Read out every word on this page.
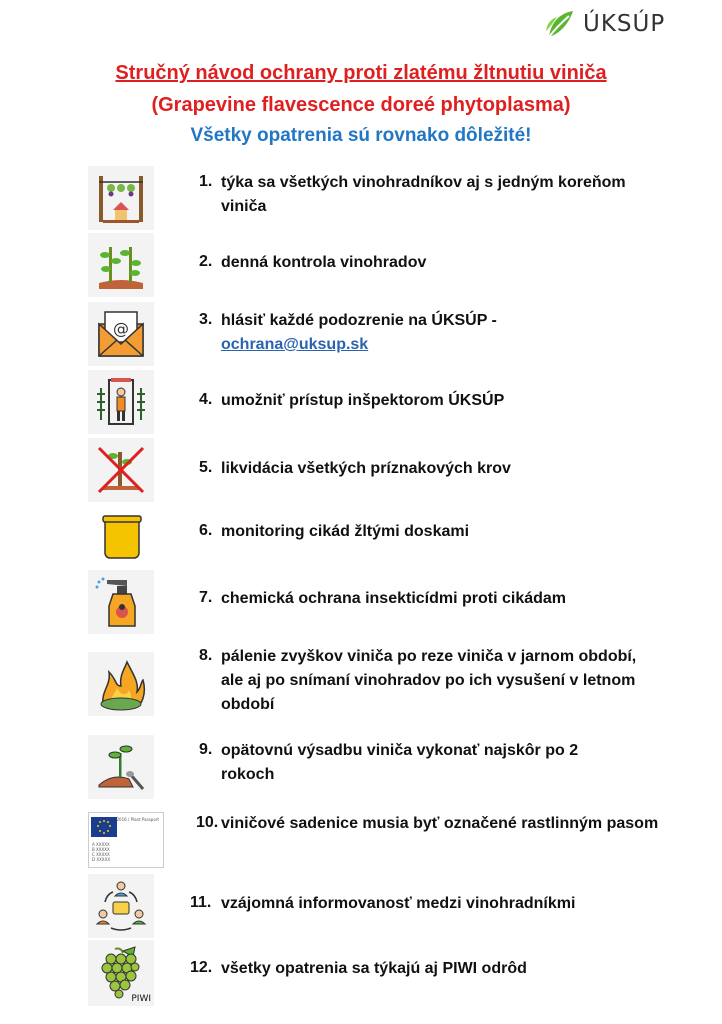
ÚKSÚP
Stručný návod ochrany proti zlatému žltnutiu viniča
(Grapevine flavescence doreé phytoplasma)
Všetky opatrenia sú rovnako dôležité!
1. týka sa všetkých vinohradníkov aj s jedným koreňom viniča
2. denná kontrola vinohradov
@	3. hlásiť každé podozrenie na ÚKSÚP -
ochrana@uksup.sk
4. umožniť prístup inšpektorom ÚKSÚP
5. likvidácia všetkých príznakových krov
6. monitoring cikád žltými doskami
7. chemická ochrana insekticídmi proti cikádam
8. pálenie zvyškov viniča po reze viniča v jarnom období, ale aj po snímaní vinohradov po ich vysušení v letnom období
9. opätovnú výsadbu viniča vykonať najskôr po 2 rokoch
2016 / Plant Passport
A XXXXX
B XXXXX
C XXXXX
D XXXXX
10. viničové sadenice musia byť označené rastlinným pasom
11. vzájomná informovanosť medzi vinohradníkmi
PIWI
12. všetky opatrenia sa týkajú aj PIWI odrôd
